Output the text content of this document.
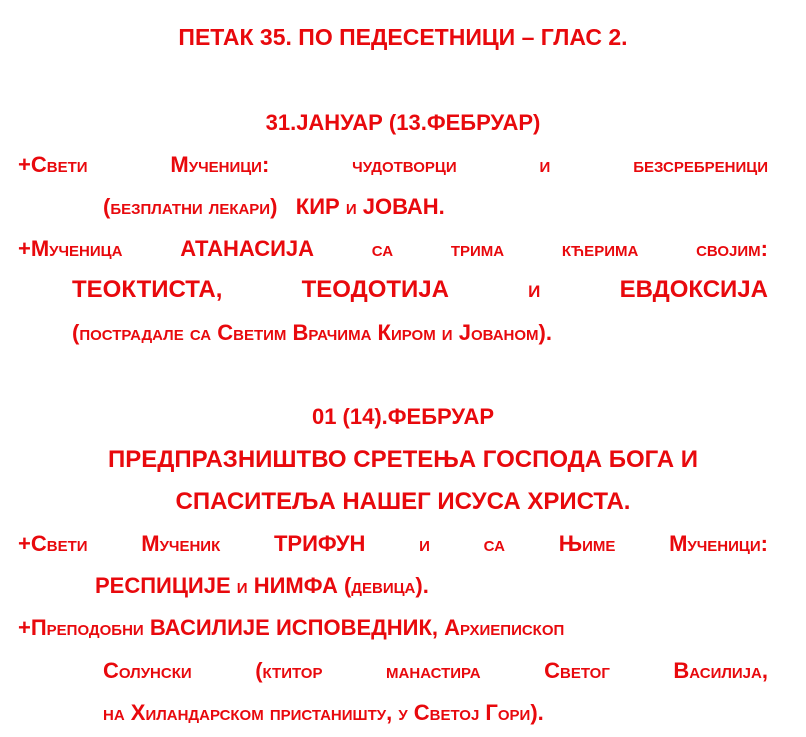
ПЕТАК 35. ПО ПЕДЕСЕТНИЦИ – ГЛАС 2.
31.ЈАНУАР (13.ФЕБРУАР)
+Свети	Мученици:	чудотворци	и	безсребреници
(безплатни лекари) КИР и ЈОВАН.
+Мученица	АТАНАСИЈА	са	трима	кћерима	својим:
ТЕОКТИСТА,	ТЕОДОТИЈА	и	ЕВДОКСИЈА
(пострадале са Светим Врачима Киром и Јованом).
01 (14).ФЕБРУАР
ПРЕДПРАЗНИШТВО СРЕТЕЊА ГОСПОДА БОГА И
СПАСИТЕЉА НАШЕГ ИСУСА ХРИСТА.
+Свети Мученик ТРИФУН и са Њиме Мученици:
РЕСПИЦИЈЕ и НИМФА (девица).
+Преподобни ВАСИЛИЈЕ ИСПОВЕДНИК, Архиепископ
Солунски	(ктитор	манастира	Светог	Василија,
на Хиландарском пристаништу, у Светој Гори).
